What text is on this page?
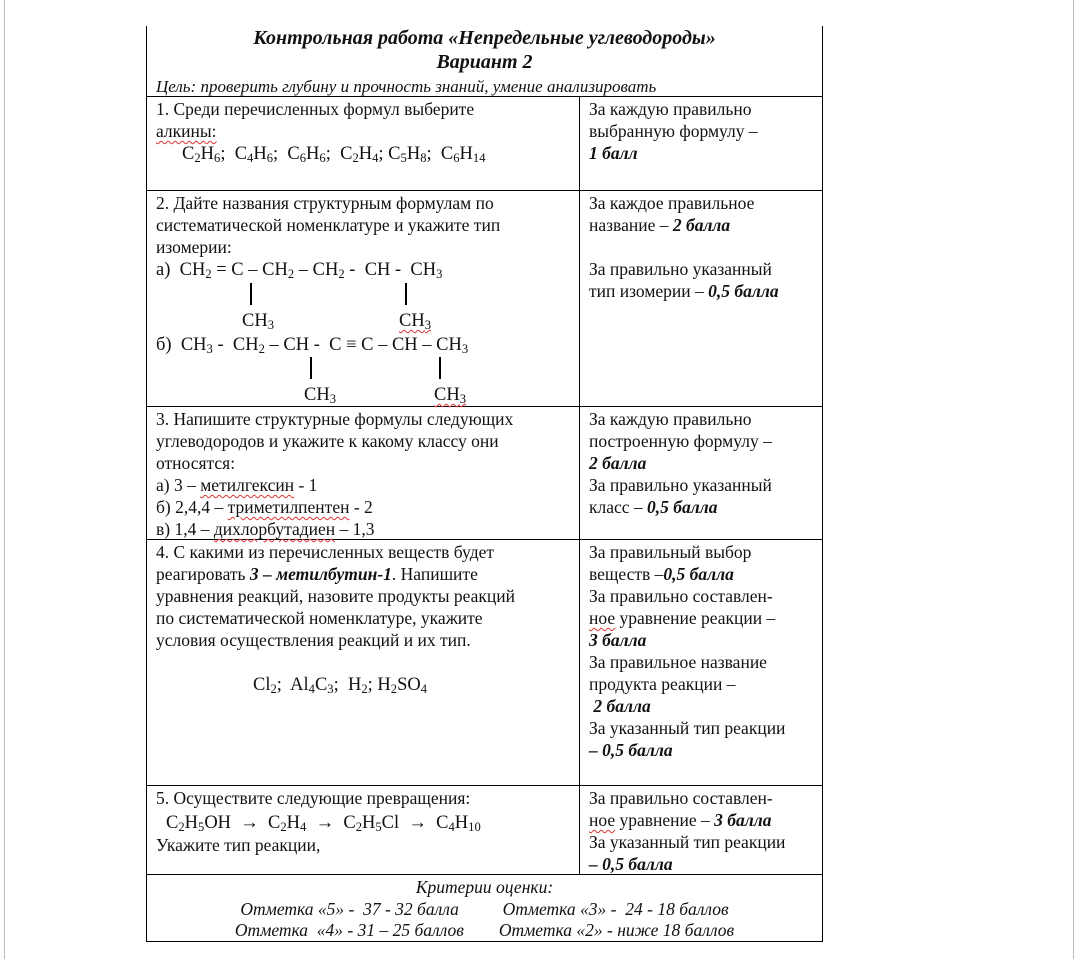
Контрольная работа «Непредельные углеводороды»
Вариант 2
Цель: проверить глубину и прочность знаний, умение анализировать
1. Среди перечисленных формул выберите
алкины:
$C_2H_6$;  $C_4H_6$;  $C_6H_6$;  $C_2H_4$; $C_5H_8$;  $C_6H_{14}$
За каждую правильно
выбранную формулу –
1 балл
2. Дайте названия структурным формулам по
систематической номенклатуре и укажите тип
изомерии:
а)  $CH_2 = C - CH_2 - CH_2$ -  CH -  $CH_3$
$CH_3$	$CH_3$
б)  $CH_3 - CH_2$ – CH -  C ≡ C – CH – $CH_3$
$CH_3$	$CH_3$
За каждое правильное
название – 2 балла
За правильно указанный
тип изомерии – 0,5 балла
3. Напишите структурные формулы следующих
углеводородов и укажите к какому классу они
относятся:
а) 3 – метилгексин - 1
б) 2,4,4 – триметилпентен - 2
в) 1,4 – дихлорбутадиен – 1,3
За каждую правильно
построенную формулу –
2 балла
За правильно указанный
класс – 0,5 балла
4. С какими из перечисленных веществ будет
реагировать 3 – метилбутин-1. Напишите
уравнения реакций, назовите продукты реакций
по систематической номенклатуре, укажите
условия осуществления реакций и их тип.
$Cl_2$;  $Al_4C_3$;  $H_2$; $H_2SO_4$
За правильный выбор
веществ –0,5 балла
За правильно составлен-
ное уравнение реакции –
3 балла
За правильное название
продукта реакции –
2 балла
За указанный тип реакции
– 0,5 балла
5. Осуществите следующие превращения:
$C_2H_5OH \to C_2H_4 \to C_2H_5Cl \to C_4H_{10}$
Укажите тип реакции,
За правильно составлен-
ное уравнение – 3 балла
За указанный тип реакции
– 0,5 балла
Критерии оценки:
Отметка «5» -  37 - 32 балла          Отметка «3» -  24 - 18 баллов
Отметка  «4» - 31 – 25 баллов        Отметка «2» - ниже 18 баллов
